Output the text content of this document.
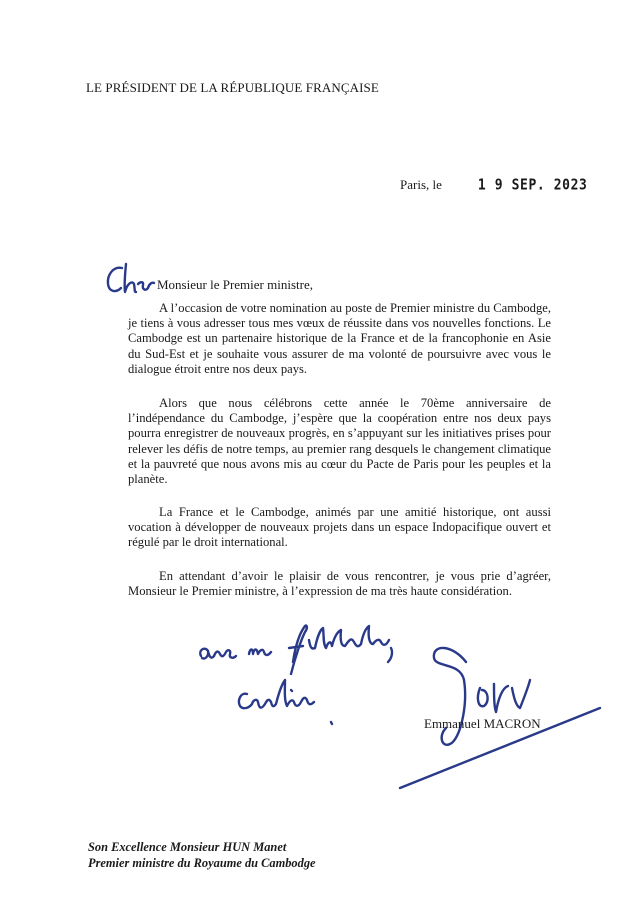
LE PRÉSIDENT DE LA RÉPUBLIQUE FRANÇAISE
Paris, le	1 9 SEP. 2023
Monsieur le Premier ministre,

A l’occasion de votre nomination au poste de Premier ministre du Cambodge, je tiens à vous adresser tous mes vœux de réussite dans vos nouvelles fonctions. Le Cambodge est un partenaire historique de la France et de la francophonie en Asie du Sud-Est et je souhaite vous assurer de ma volonté de poursuivre avec vous le dialogue étroit entre nos deux pays.

Alors que nous célébrons cette année le 70ème anniversaire de l’indépendance du Cambodge, j’espère que la coopération entre nos deux pays pourra enregistrer de nouveaux progrès, en s’appuyant sur les initiatives prises pour relever les défis de notre temps, au premier rang desquels le changement climatique et la pauvreté que nous avons mis au cœur du Pacte de Paris pour les peuples et la planète.

La France et le Cambodge, animés par une amitié historique, ont aussi vocation à développer de nouveaux projets dans un espace Indopacifique ouvert et régulé par le droit international.

En attendant d’avoir le plaisir de vous rencontrer, je vous prie d’agréer, Monsieur le Premier ministre, à l’expression de ma très haute considération.

Emmanuel MACRON
Son Excellence Monsieur HUN Manet
Premier ministre du Royaume du Cambodge
